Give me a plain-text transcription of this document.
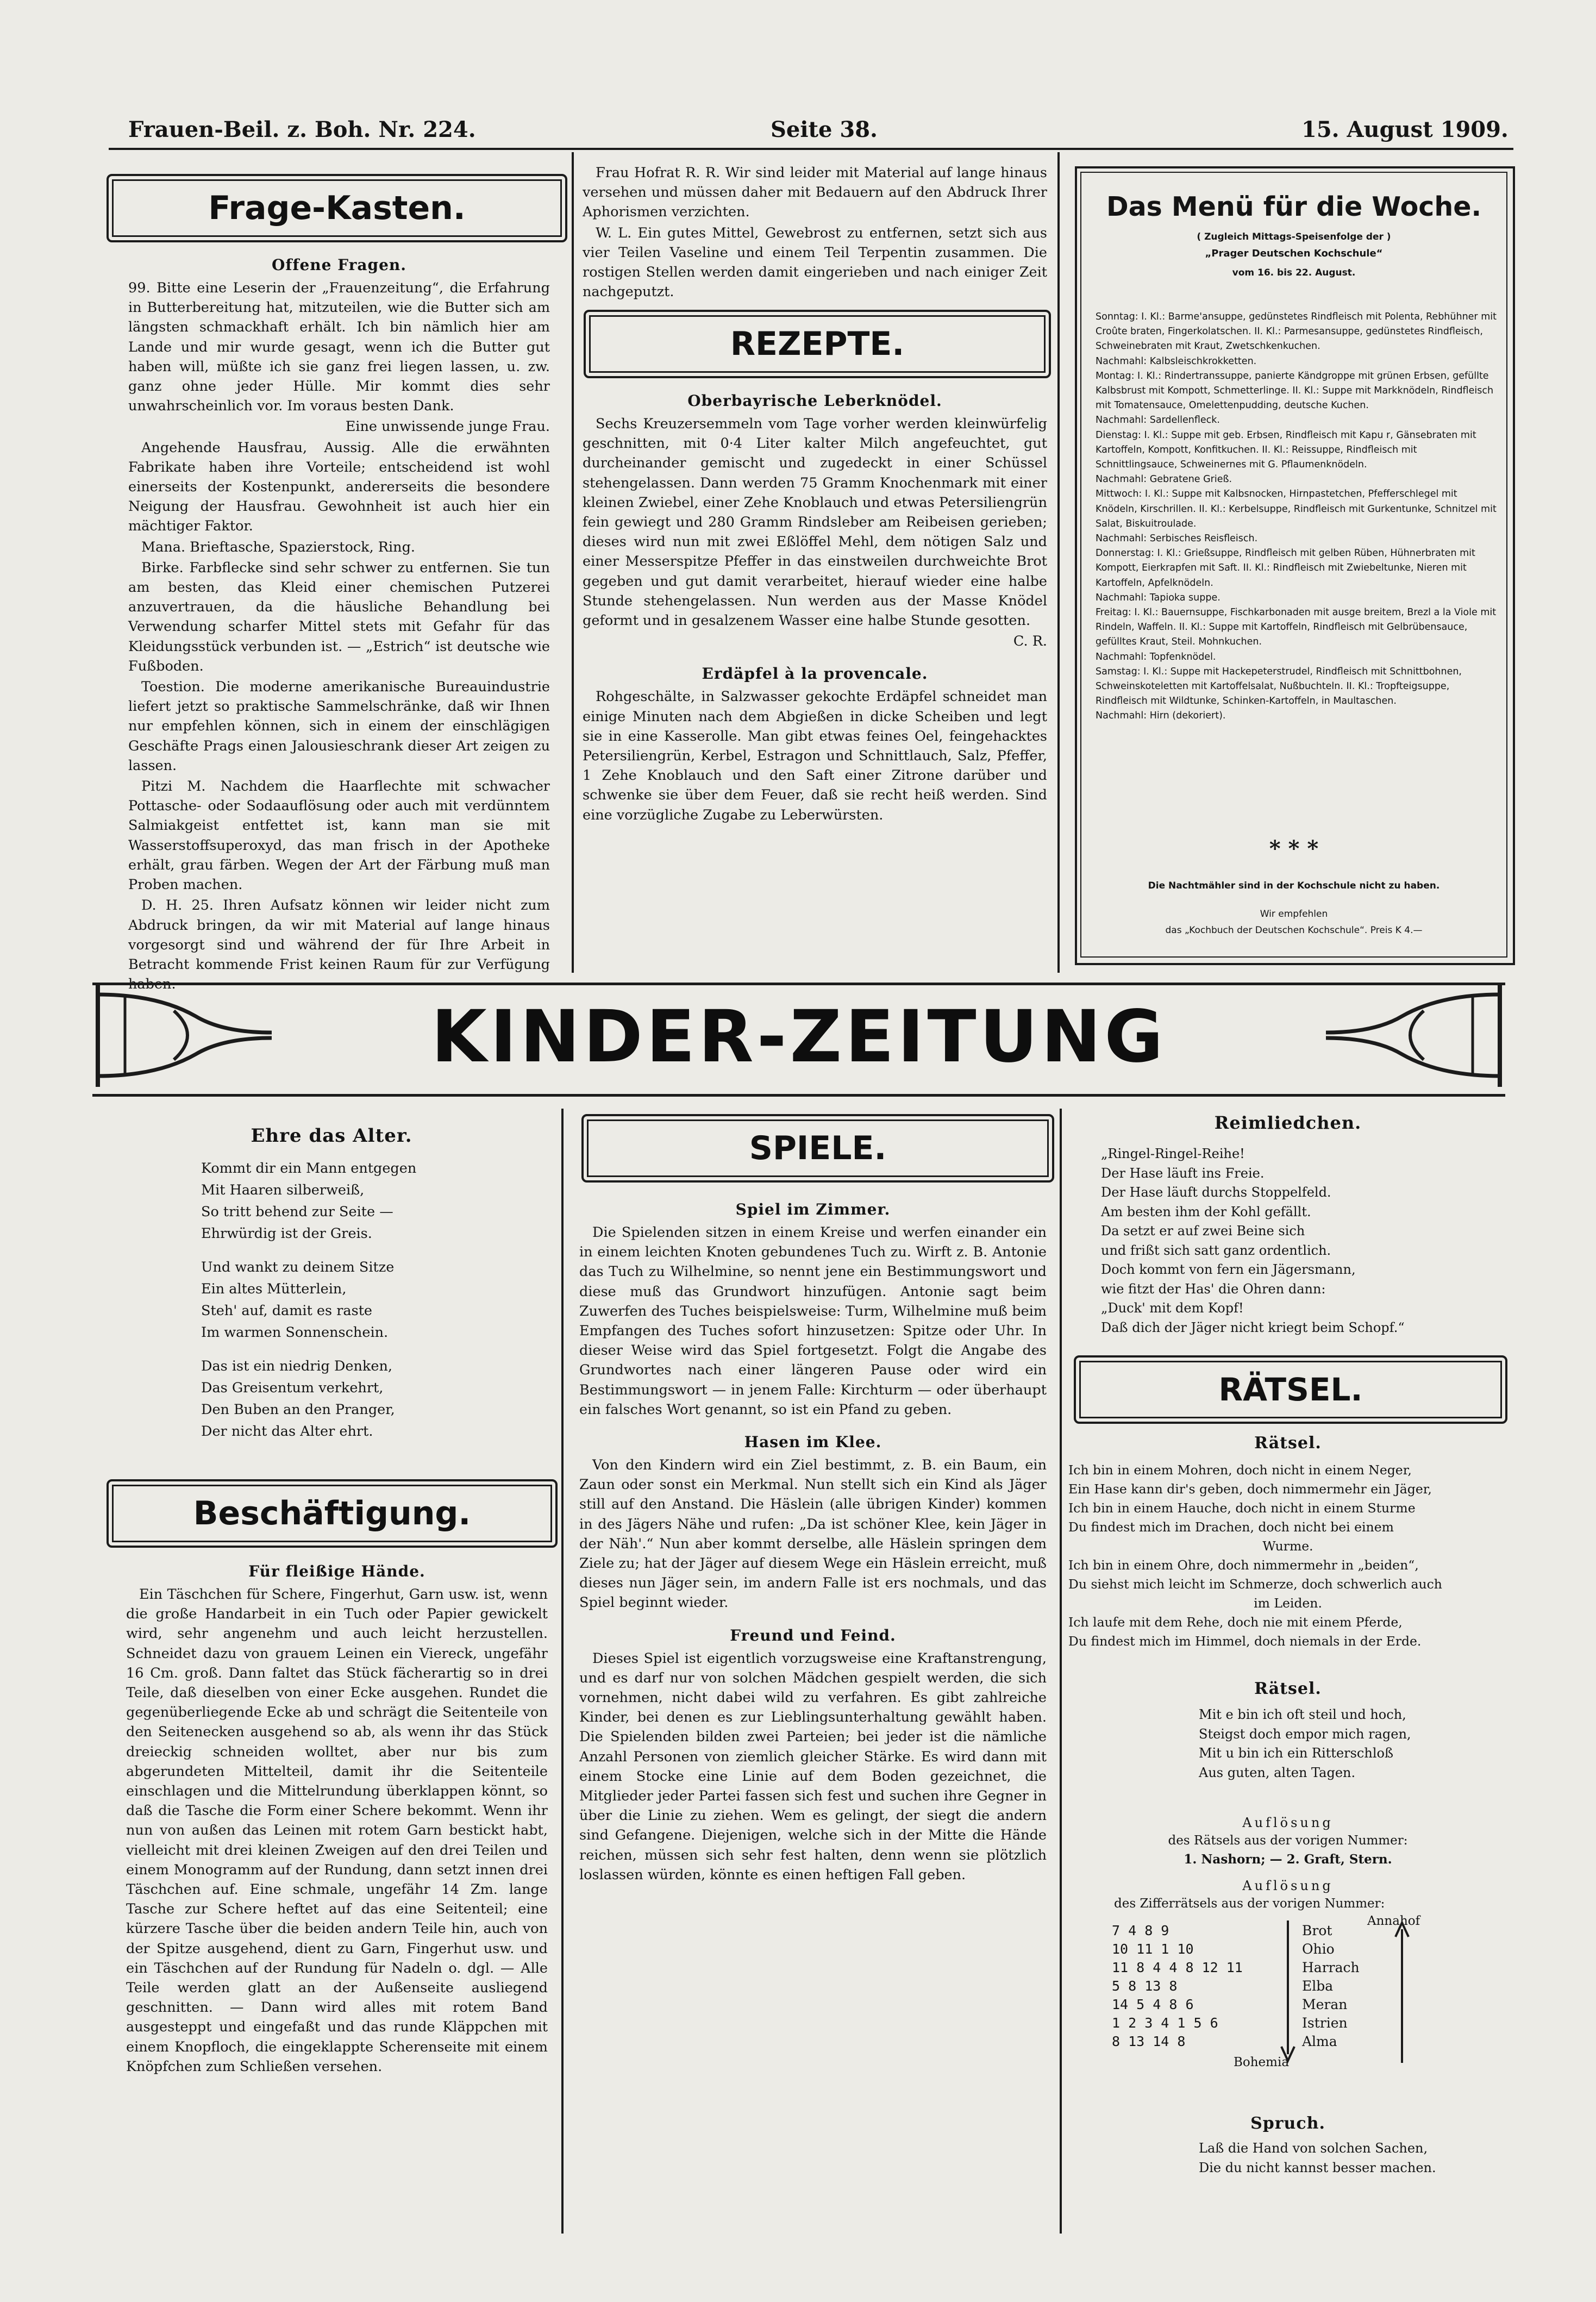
Frauen-Beil. z. Boh. Nr. 224.	Seite 38.	15. August 1909.
Frage-Kasten.
Offene Fragen.

99. Bitte eine Leserin der „Frauenzeitung“, die Erfahrung in Butterbereitung hat, mitzuteilen, wie die Butter sich am längsten schmackhaft erhält. Ich bin nämlich hier am Lande und mir wurde gesagt, wenn ich die Butter gut haben will, müßte ich sie ganz frei liegen lassen, u. zw. ganz ohne jeder Hülle. Mir kommt dies sehr unwahrscheinlich vor. Im voraus besten Dank.

Eine unwissende junge Frau.

Angehende Hausfrau, Aussig. Alle die erwähnten Fabrikate haben ihre Vorteile; entscheidend ist wohl einerseits der Kostenpunkt, andererseits die besondere Neigung der Hausfrau. Gewohnheit ist auch hier ein mächtiger Faktor.

Mana. Brieftasche, Spazierstock, Ring.

Birke. Farbflecke sind sehr schwer zu entfernen. Sie tun am besten, das Kleid einer chemischen Putzerei anzuvertrauen, da die häusliche Behandlung bei Verwendung scharfer Mittel stets mit Gefahr für das Kleidungsstück verbunden ist. — „Estrich“ ist deutsche wie Fußboden.

Toestion. Die moderne amerikanische Bureauindustrie liefert jetzt so praktische Sammelschränke, daß wir Ihnen nur empfehlen können, sich in einem der einschlägigen Geschäfte Prags einen Jalousieschrank dieser Art zeigen zu lassen.

Pitzi M. Nachdem die Haarflechte mit schwacher Pottasche- oder Sodaauflösung oder auch mit verdünntem Salmiakgeist entfettet ist, kann man sie mit Wasserstoffsuperoxyd, das man frisch in der Apotheke erhält, grau färben. Wegen der Art der Färbung muß man Proben machen.

D. H. 25. Ihren Aufsatz können wir leider nicht zum Abdruck bringen, da wir mit Material auf lange hinaus vorgesorgt sind und während der für Ihre Arbeit in Betracht kommende Frist keinen Raum für zur Verfügung haben.

Frau Hofrat R. R. Wir sind leider mit Material auf lange hinaus versehen und müssen daher mit Bedauern auf den Abdruck Ihrer Aphorismen verzichten.

W. L. Ein gutes Mittel, Gewebrost zu entfernen, setzt sich aus vier Teilen Vaseline und einem Teil Terpentin zusammen. Die rostigen Stellen werden damit eingerieben und nach einiger Zeit nachgeputzt.

REZEPTE.
Oberbayrische Leberknödel.

Sechs Kreuzersemmeln vom Tage vorher werden kleinwürfelig geschnitten, mit 0·4 Liter kalter Milch angefeuchtet, gut durcheinander gemischt und zugedeckt in einer Schüssel stehengelassen. Dann werden 75 Gramm Knochenmark mit einer kleinen Zwiebel, einer Zehe Knoblauch und etwas Petersiliengrün fein gewiegt und 280 Gramm Rindsleber am Reibeisen gerieben; dieses wird nun mit zwei Eßlöffel Mehl, dem nötigen Salz und einer Messerspitze Pfeffer in das einstweilen durchweichte Brot gegeben und gut damit verarbeitet, hierauf wieder eine halbe Stunde stehengelassen. Nun werden aus der Masse Knödel geformt und in gesalzenem Wasser eine halbe Stunde gesotten.

C. R.

Erdäpfel à la provencale.

Rohgeschälte, in Salzwasser gekochte Erdäpfel schneidet man einige Minuten nach dem Abgießen in dicke Scheiben und legt sie in eine Kasserolle. Man gibt etwas feines Oel, feingehacktes Petersiliengrün, Kerbel, Estragon und Schnittlauch, Salz, Pfeffer, 1 Zehe Knoblauch und den Saft einer Zitrone darüber und schwenke sie über dem Feuer, daß sie recht heiß werden. Sind eine vorzügliche Zugabe zu Leberwürsten.

Das Menü für die Woche.
( Zugleich Mittags-Speisenfolge der )
„Prager Deutschen Kochschule“
vom 16. bis 22. August.
Sonntag: I. Kl.: Barme'ansuppe, gedünstetes Rindfleisch mit Polenta, Rebhühner mit Croûte braten, Fingerkolatschen. II. Kl.: Parmesansuppe, gedünstetes Rindfleisch, Schweinebraten mit Kraut, Zwetschkenkuchen.
Nachmahl: Kalbsleischkrokketten.
Montag: I. Kl.: Rindertranssuppe, panierte Kändgroppe mit grünen Erbsen, gefüllte Kalbsbrust mit Kompott, Schmetterlinge. II. Kl.: Suppe mit Markknödeln, Rindfleisch mit Tomatensauce, Omelettenpudding, deutsche Kuchen.
Nachmahl: Sardellenfleck.
Dienstag: I. Kl.: Suppe mit geb. Erbsen, Rindfleisch mit Kapu r, Gänsebraten mit Kartoffeln, Kompott, Konfitkuchen. II. Kl.: Reissuppe, Rindfleisch mit Schnittlingsauce, Schweinernes mit G. Pflaumenknödeln.
Nachmahl: Gebratene Grieß.
Mittwoch: I. Kl.: Suppe mit Kalbsnocken, Hirnpastetchen, Pfefferschlegel mit Knödeln, Kirschrillen. II. Kl.: Kerbelsuppe, Rindfleisch mit Gurkentunke, Schnitzel mit Salat, Biskuitroulade.
Nachmahl: Serbisches Reisfleisch.
Donnerstag: I. Kl.: Grießsuppe, Rindfleisch mit gelben Rüben, Hühnerbraten mit Kompott, Eierkrapfen mit Saft. II. Kl.: Rindfleisch mit Zwiebeltunke, Nieren mit Kartoffeln, Apfelknödeln.
Nachmahl: Tapioka suppe.
Freitag: I. Kl.: Bauernsuppe, Fischkarbonaden mit ausge breitem, Brezl a la Viole mit Rindeln, Waffeln. II. Kl.: Suppe mit Kartoffeln, Rindfleisch mit Gelbrübensauce, gefülltes Kraut, Steil. Mohnkuchen.
Nachmahl: Topfenknödel.
Samstag: I. Kl.: Suppe mit Hackepeterstrudel, Rindfleisch mit Schnittbohnen, Schweinskoteletten mit Kartoffelsalat, Nußbuchteln. II. Kl.: Tropfteigsuppe, Rindfleisch mit Wildtunke, Schinken-Kartoffeln, in Maultaschen.
Nachmahl: Hirn (dekoriert).
* * *
Die Nachtmähler sind in der Kochschule nicht zu haben.
Wir empfehlen
das „Kochbuch der Deutschen Kochschule“. Preis K 4.—
KINDER-ZEITUNG
Ehre das Alter.
Kommt dir ein Mann entgegen
Mit Haaren silberweiß,
So tritt behend zur Seite —
Ehrwürdig ist der Greis.
Und wankt zu deinem Sitze
Ein altes Mütterlein,
Steh' auf, damit es raste
Im warmen Sonnenschein.
Das ist ein niedrig Denken,
Das Greisentum verkehrt,
Den Buben an den Pranger,
Der nicht das Alter ehrt.
Beschäftigung.
Für fleißige Hände.

Ein Täschchen für Schere, Fingerhut, Garn usw. ist, wenn die große Handarbeit in ein Tuch oder Papier gewickelt wird, sehr angenehm und auch leicht herzustellen. Schneidet dazu von grauem Leinen ein Viereck, ungefähr 16 Cm. groß. Dann faltet das Stück fächerartig so in drei Teile, daß dieselben von einer Ecke ausgehen. Rundet die gegenüberliegende Ecke ab und schrägt die Seitenteile von den Seitenecken ausgehend so ab, als wenn ihr das Stück dreieckig schneiden wolltet, aber nur bis zum abgerundeten Mittelteil, damit ihr die Seitenteile einschlagen und die Mittelrundung überklappen könnt, so daß die Tasche die Form einer Schere bekommt. Wenn ihr nun von außen das Leinen mit rotem Garn bestickt habt, vielleicht mit drei kleinen Zweigen auf den drei Teilen und einem Monogramm auf der Rundung, dann setzt innen drei Täschchen auf. Eine schmale, ungefähr 14 Zm. lange Tasche zur Schere heftet auf das eine Seitenteil; eine kürzere Tasche über die beiden andern Teile hin, auch von der Spitze ausgehend, dient zu Garn, Fingerhut usw. und ein Täschchen auf der Rundung für Nadeln o. dgl. — Alle Teile werden glatt an der Außenseite ausliegend geschnitten. — Dann wird alles mit rotem Band ausgesteppt und eingefaßt und das runde Kläppchen mit einem Knopfloch, die eingeklappte Scherenseite mit einem Knöpfchen zum Schließen versehen.

SPIELE.
Spiel im Zimmer.

Die Spielenden sitzen in einem Kreise und werfen einander ein in einem leichten Knoten gebundenes Tuch zu. Wirft z. B. Antonie das Tuch zu Wilhelmine, so nennt jene ein Bestimmungswort und diese muß das Grundwort hinzufügen. Antonie sagt beim Zuwerfen des Tuches beispielsweise: Turm, Wilhelmine muß beim Empfangen des Tuches sofort hinzusetzen: Spitze oder Uhr. In dieser Weise wird das Spiel fortgesetzt. Folgt die Angabe des Grundwortes nach einer längeren Pause oder wird ein Bestimmungswort — in jenem Falle: Kirchturm — oder überhaupt ein falsches Wort genannt, so ist ein Pfand zu geben.

Hasen im Klee.

Von den Kindern wird ein Ziel bestimmt, z. B. ein Baum, ein Zaun oder sonst ein Merkmal. Nun stellt sich ein Kind als Jäger still auf den Anstand. Die Häslein (alle übrigen Kinder) kommen in des Jägers Nähe und rufen: „Da ist schöner Klee, kein Jäger in der Näh'.“ Nun aber kommt derselbe, alle Häslein springen dem Ziele zu; hat der Jäger auf diesem Wege ein Häslein erreicht, muß dieses nun Jäger sein, im andern Falle ist ers nochmals, und das Spiel beginnt wieder.

Freund und Feind.

Dieses Spiel ist eigentlich vorzugsweise eine Kraftanstrengung, und es darf nur von solchen Mädchen gespielt werden, die sich vornehmen, nicht dabei wild zu verfahren. Es gibt zahlreiche Kinder, bei denen es zur Lieblingsunterhaltung gewählt haben. Die Spielenden bilden zwei Parteien; bei jeder ist die nämliche Anzahl Personen von ziemlich gleicher Stärke. Es wird dann mit einem Stocke eine Linie auf dem Boden gezeichnet, die Mitglieder jeder Partei fassen sich fest und suchen ihre Gegner in über die Linie zu ziehen. Wem es gelingt, der siegt die andern sind Gefangene. Diejenigen, welche sich in der Mitte die Hände reichen, müssen sich sehr fest halten, denn wenn sie plötzlich loslassen würden, könnte es einen heftigen Fall geben.

Reimliedchen.
„Ringel-Ringel-Reihe!
Der Hase läuft ins Freie.
Der Hase läuft durchs Stoppelfeld.
Am besten ihm der Kohl gefällt.
Da setzt er auf zwei Beine sich
und frißt sich satt ganz ordentlich.
Doch kommt von fern ein Jägersmann,
wie fitzt der Has' die Ohren dann:
„Duck' mit dem Kopf!
Daß dich der Jäger nicht kriegt beim Schopf.“
RÄTSEL.
Rätsel.
Ich bin in einem Mohren, doch nicht in einem Neger,
Ein Hase kann dir's geben, doch nimmermehr ein Jäger,
Ich bin in einem Hauche, doch nicht in einem Sturme
Du findest mich im Drachen, doch nicht bei einem
Wurme.
Ich bin in einem Ohre, doch nimmermehr in „beiden“,
Du siehst mich leicht im Schmerze, doch schwerlich auch
im Leiden.
Ich laufe mit dem Rehe, doch nie mit einem Pferde,
Du findest mich im Himmel, doch niemals in der Erde.
Rätsel.
Mit e bin ich oft steil und hoch,
Steigst doch empor mich ragen,
Mit u bin ich ein Ritterschloß
Aus guten, alten Tagen.
Auflösung
des Rätsels aus der vorigen Nummer:
1. Nashorn; — 2. Graft, Stern.
Auflösung
des Zifferrätsels aus der vorigen Nummer:
Annahof
7 4 8 9
10 11 1 10
11 8 4 4 8 12 11
5 8 13 8
14 5 4 8 6
1 2 3 4 1 5 6
8 13 14 8
Brot
Ohio
Harrach
Elba
Meran
Istrien
Alma
Bohemia
Spruch.
Laß die Hand von solchen Sachen,
Die du nicht kannst besser machen.
